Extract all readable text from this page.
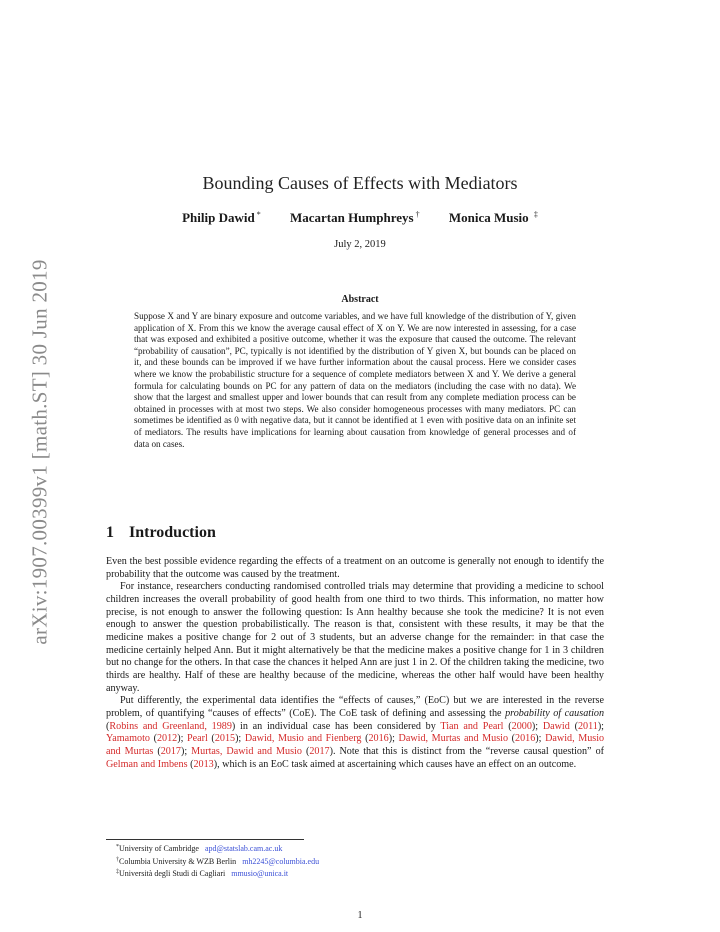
arXiv:1907.00399v1 [math.ST] 30 Jun 2019
Bounding Causes of Effects with Mediators
Philip Dawid * Macartan Humphreys † Monica Musio ‡
July 2, 2019
Abstract

Suppose X and Y are binary exposure and outcome variables, and we have full knowledge of the distribution of Y, given application of X. From this we know the average causal effect of X on Y. We are now interested in assessing, for a case that was exposed and exhibited a positive outcome, whether it was the exposure that caused the outcome. The relevant “probability of causation”, PC, typically is not identified by the distribution of Y given X, but bounds can be placed on it, and these bounds can be improved if we have further information about the causal process. Here we consider cases where we know the probabilistic structure for a sequence of complete mediators between X and Y. We derive a general formula for calculating bounds on PC for any pattern of data on the mediators (including the case with no data). We show that the largest and smallest upper and lower bounds that can result from any complete mediation process can be obtained in processes with at most two steps. We also consider homogeneous processes with many mediators. PC can sometimes be identified as 0 with negative data, but it cannot be identified at 1 even with positive data on an infinite set of mediators. The results have implications for learning about causation from knowledge of general processes and of data on cases.

1 Introduction

Even the best possible evidence regarding the effects of a treatment on an outcome is generally not enough to identify the probability that the outcome was caused by the treatment.

For instance, researchers conducting randomised controlled trials may determine that providing a medicine to school children increases the overall probability of good health from one third to two thirds. This information, no matter how precise, is not enough to answer the following question: Is Ann healthy because she took the medicine? It is not even enough to answer the question probabilistically. The reason is that, consistent with these results, it may be that the medicine makes a positive change for 2 out of 3 students, but an adverse change for the remainder: in that case the medicine certainly helped Ann. But it might alternatively be that the medicine makes a positive change for 1 in 3 children but no change for the others. In that case the chances it helped Ann are just 1 in 2. Of the children taking the medicine, two thirds are healthy. Half of these are healthy because of the medicine, whereas the other half would have been healthy anyway.

Put differently, the experimental data identifies the “effects of causes,” (EoC) but we are interested in the reverse problem, of quantifying “causes of effects” (CoE). The CoE task of defining and assessing the probability of causation (Robins and Greenland, 1989) in an individual case has been considered by Tian and Pearl (2000); Dawid (2011); Yamamoto (2012); Pearl (2015); Dawid, Musio and Fienberg (2016); Dawid, Murtas and Musio (2016); Dawid, Musio and Murtas (2017); Murtas, Dawid and Musio (2017). Note that this is distinct from the “reverse causal question” of Gelman and Imbens (2013), which is an EoC task aimed at ascertaining which causes have an effect on an outcome.

*University of Cambridge apd@statslab.cam.ac.uk
†Columbia University & WZB Berlin mh2245@columbia.edu
‡Università degli Studi di Cagliari mmusio@unica.it
1
